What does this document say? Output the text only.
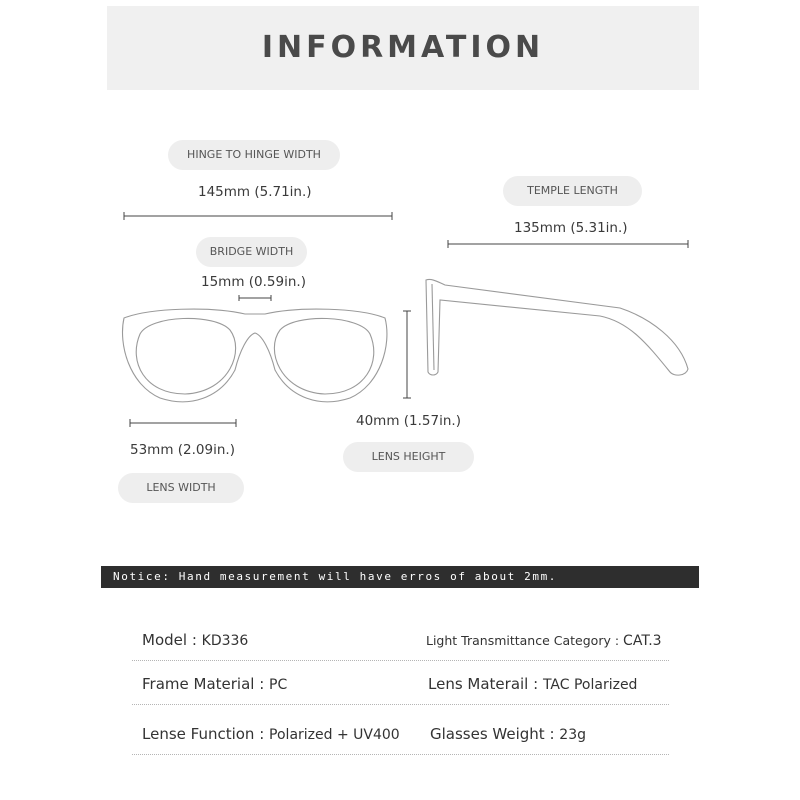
INFORMATION
HINGE TO HINGE WIDTH
145mm (5.71in.)	TEMPLE LENGTH
135mm (5.31in.)
BRIDGE WIDTH
15mm (0.59in.)
40mm (1.57in.)
LENS HEIGHT
53mm (2.09in.)
LENS WIDTH
Notice: Hand measurement will have erros of about 2mm.
Model : KD336	Light Transmittance Category : CAT.3
Frame Material : PC	Lens Materail : TAC Polarized
Lense Function : Polarized + UV400 Glasses Weight : 23g
